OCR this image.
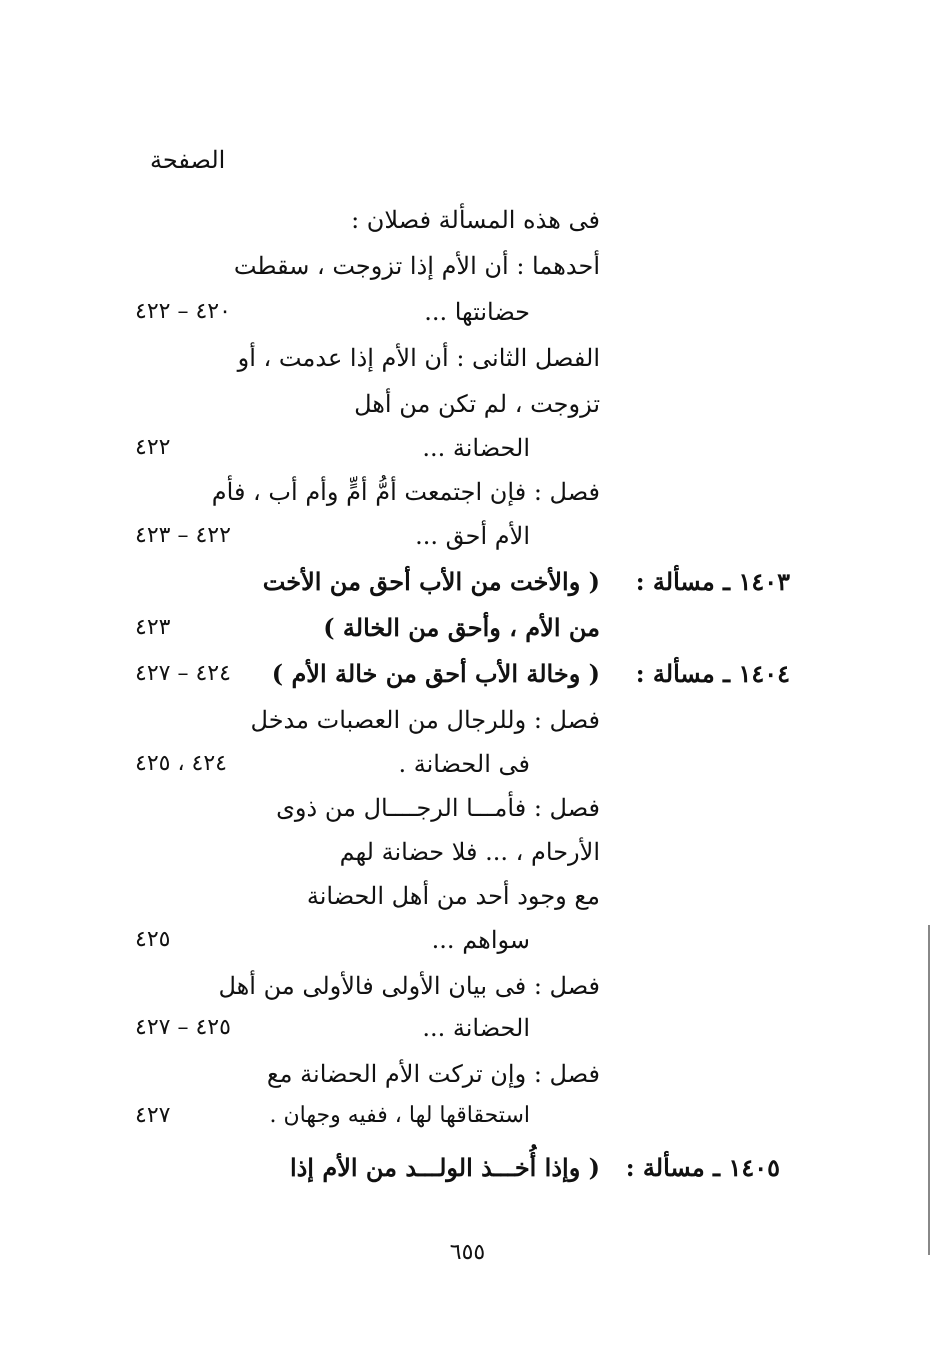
الصفحة
فى هذه المسألة فصلان :
أحدهما : أن الأم إذا تزوجت ، سقطت
حضانتها ...
٤٢٠ – ٤٢٢
الفصل الثانى : أن الأم إذا عدمت ، أو
تزوجت ، لم تكن من أهل
الحضانة ...
٤٢٢
فصل : فإن اجتمعت أمُّ أمٍّ وأم أب ، فأم
الأم أحق ...
٤٢٢ – ٤٢٣
١٤٠٣ ـ مسألة :
( والأخت من الأب أحق من الأخت
من الأم ، وأحق من الخالة )
٤٢٣
١٤٠٤ ـ مسألة :
( وخالة الأب أحق من خالة الأم )
٤٢٤ – ٤٢٧
فصل : وللرجال من العصبات مدخل
فى الحضانة .
٤٢٤ ، ٤٢٥
فصل : فأمـــا الرجــــال من ذوى
الأرحام ، ... فلا حضانة لهم
مع وجود أحد من أهل الحضانة
سواهم ...
٤٢٥
فصل : فى بيان الأولى فالأولى من أهل
الحضانة ...
٤٢٥ – ٤٢٧
فصل : وإن تركت الأم الحضانة مع
استحقاقها لها ، ففيه وجهان .
٤٢٧
١٤٠٥ ـ مسألة :
( وإذا أُخـــذ الولـــد من الأم إذا
٦٥٥
